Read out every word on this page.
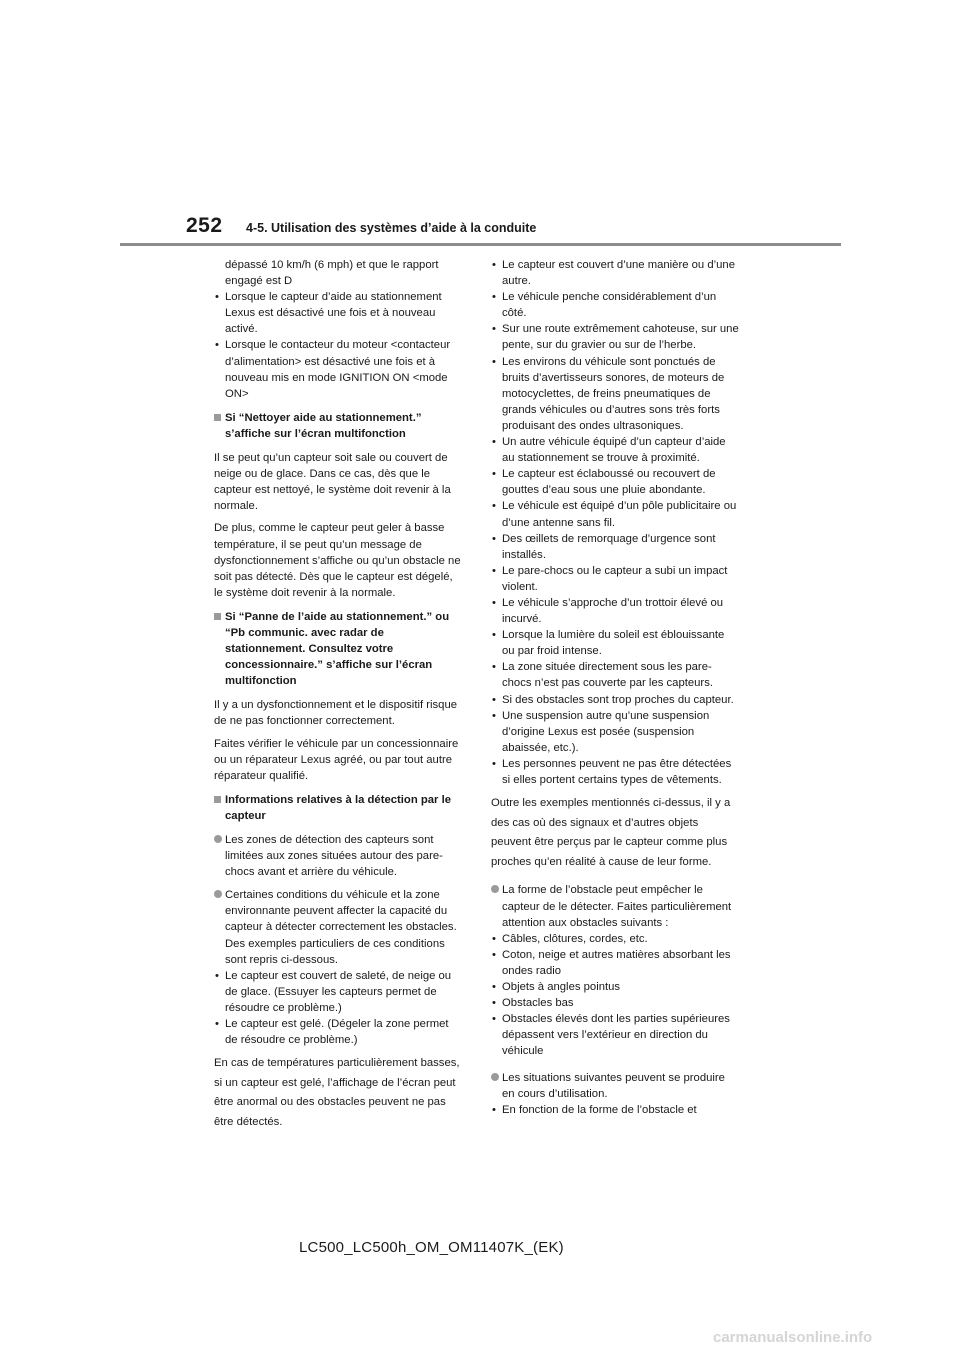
252 4-5. Utilisation des systèmes d’aide à la conduite

dépassé 10 km/h (6 mph) et que le rapport engagé est D

• Lorsque le capteur d’aide au stationnement Lexus est désactivé une fois et à nouveau activé.
• Lorsque le contacteur du moteur <contacteur d’alimentation> est désactivé une fois et à nouveau mis en mode IGNITION ON <mode ON>
Si “Nettoyer aide au stationnement.” s’affiche sur l’écran multifonction

Il se peut qu’un capteur soit sale ou couvert de neige ou de glace. Dans ce cas, dès que le capteur est nettoyé, le système doit revenir à la normale.

De plus, comme le capteur peut geler à basse température, il se peut qu’un message de dysfonctionnement s’affiche ou qu’un obstacle ne soit pas détecté. Dès que le capteur est dégelé, le système doit revenir à la normale.

Si “Panne de l’aide au stationnement.” ou “Pb communic. avec radar de stationnement. Consultez votre concessionnaire.” s’affiche sur l’écran multifonction

Il y a un dysfonctionnement et le dispositif risque de ne pas fonctionner correctement.

Faites vérifier le véhicule par un concessionnaire ou un réparateur Lexus agréé, ou par tout autre réparateur qualifié.

Informations relatives à la détection par le capteur
Les zones de détection des capteurs sont limitées aux zones situées autour des pare-chocs avant et arrière du véhicule.
Certaines conditions du véhicule et la zone environnante peuvent affecter la capacité du capteur à détecter correctement les obstacles. Des exemples particuliers de ces conditions sont repris ci-dessous.
• Le capteur est couvert de saleté, de neige ou de glace. (Essuyer les capteurs permet de résoudre ce problème.)
• Le capteur est gelé. (Dégeler la zone permet de résoudre ce problème.)

En cas de températures particulièrement basses, si un capteur est gelé, l’affichage de l’écran peut être anormal ou des obstacles peuvent ne pas être détectés.

• Le capteur est couvert d’une manière ou d’une autre.
• Le véhicule penche considérablement d’un côté.
• Sur une route extrêmement cahoteuse, sur une pente, sur du gravier ou sur de l’herbe.
• Les environs du véhicule sont ponctués de bruits d’avertisseurs sonores, de moteurs de motocyclettes, de freins pneumatiques de grands véhicules ou d’autres sons très forts produisant des ondes ultrasoniques.
• Un autre véhicule équipé d’un capteur d’aide au stationnement se trouve à proximité.
• Le capteur est éclaboussé ou recouvert de gouttes d’eau sous une pluie abondante.
• Le véhicule est équipé d’un pôle publicitaire ou d’une antenne sans fil.
• Des œillets de remorquage d’urgence sont installés.
• Le pare-chocs ou le capteur a subi un impact violent.
• Le véhicule s’approche d’un trottoir élevé ou incurvé.
• Lorsque la lumière du soleil est éblouissante ou par froid intense.
• La zone située directement sous les pare-chocs n’est pas couverte par les capteurs.
• Si des obstacles sont trop proches du capteur.
• Une suspension autre qu’une suspension d’origine Lexus est posée (suspension abaissée, etc.).
• Les personnes peuvent ne pas être détectées si elles portent certains types de vêtements.

Outre les exemples mentionnés ci-dessus, il y a des cas où des signaux et d’autres objets peuvent être perçus par le capteur comme plus proches qu’en réalité à cause de leur forme.

La forme de l’obstacle peut empêcher le capteur de le détecter. Faites particulièrement attention aux obstacles suivants :
• Câbles, clôtures, cordes, etc.
• Coton, neige et autres matières absorbant les ondes radio
• Objets à angles pointus
• Obstacles bas
• Obstacles élevés dont les parties supérieures dépassent vers l’extérieur en direction du véhicule
Les situations suivantes peuvent se produire en cours d’utilisation.
• En fonction de la forme de l’obstacle et
LC500_LC500h_OM_OM11407K_(EK)
carmanualsonline.info
